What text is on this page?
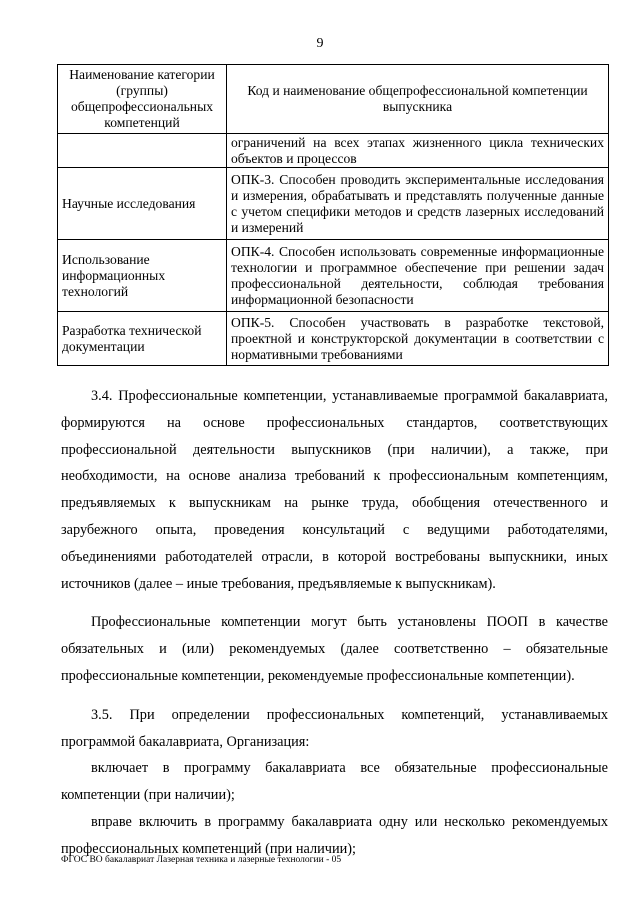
9
Наименование категории (группы) общепрофессиональных компетенций	Код и наименование общепрофессиональной компетенции выпускника
	ограничений на всех этапах жизненного цикла технических объектов и процессов
Научные исследования	ОПК-3. Способен проводить экспериментальные исследования и измерения, обрабатывать и представлять полученные данные с учетом специфики методов и средств лазерных исследований и измерений
Использование информационных технологий	ОПК-4. Способен использовать современные информационные технологии и программное обеспечение при решении задач профессиональной деятельности, соблюдая требования информационной безопасности
Разработка технической документации	ОПК-5. Способен участвовать в разработке текстовой, проектной и конструкторской документации в соответствии с нормативными требованиями

3.4. Профессиональные компетенции, устанавливаемые программой бакалавриата, формируются на основе профессиональных стандартов, соответствующих профессиональной деятельности выпускников (при наличии), а также, при необходимости, на основе анализа требований к профессиональным компетенциям, предъявляемых к выпускникам на рынке труда, обобщения отечественного и зарубежного опыта, проведения консультаций с ведущими работодателями, объединениями работодателей отрасли, в которой востребованы выпускники, иных источников (далее – иные требования, предъявляемые к выпускникам).

Профессиональные компетенции могут быть установлены ПООП в качестве обязательных и (или) рекомендуемых (далее соответственно – обязательные профессиональные компетенции, рекомендуемые профессиональные компетенции).

3.5. При определении профессиональных компетенций, устанавливаемых программой бакалавриата, Организация:

включает в программу бакалавриата все обязательные профессиональные компетенции (при наличии);

вправе включить в программу бакалавриата одну или несколько рекомендуемых профессиональных компетенций (при наличии);

ФГОС ВО бакалавриат Лазерная техника и лазерные технологии - 05
